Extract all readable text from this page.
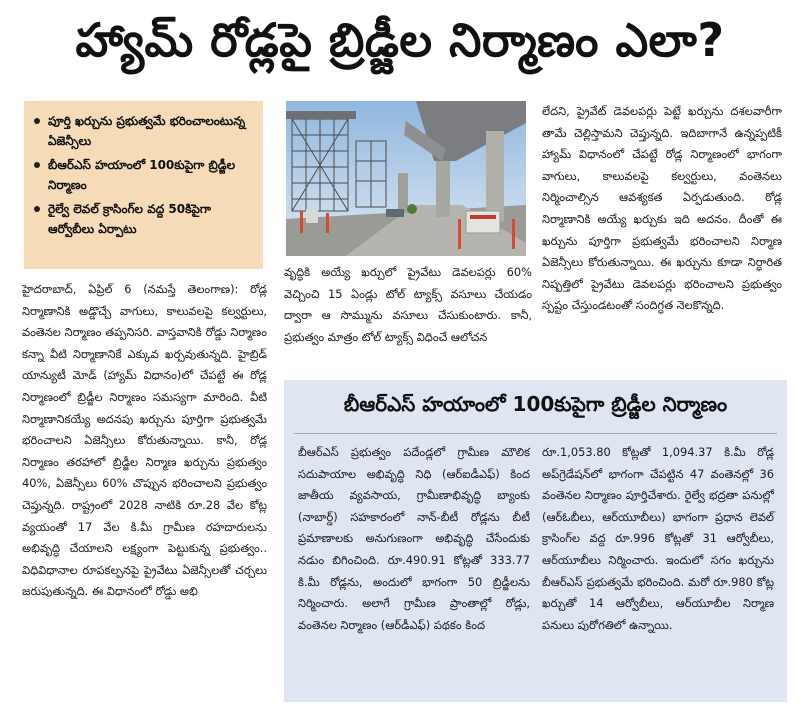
హ్యామ్ రోడ్లపై బ్రిడ్జీల నిర్మాణం ఎలా?
పూర్తి ఖర్చును ప్రభుత్వమే భరించాలంటున్న ఏజెన్సీలు
బీఆర్ఎస్ హయాంలో 100కుపైగా బ్రిడ్జీల నిర్మాణం
రైల్వే లెవల్ క్రాసింగ్‌ల వద్ద 50కిపైగా ఆర్వోబీలు ఏర్పాటు

హైదరాబాద్, ఏప్రిల్ 6 (నమస్తే తెలంగాణ): రోడ్ల నిర్మాణానికి అడ్డొచ్చే వాగులు, కాలువలపై కల్వర్టులు, వంతెనల నిర్మాణం తప్పనిసరి. వాస్తవానికి రోడ్డు నిర్మాణం కన్నా వీటి నిర్మాణానికే ఎక్కువ ఖర్చవుతున్నది. హైబ్రిడ్ యాన్యుటీ మోడ్ (హ్యామ్ విధానం)లో చేపట్టే ఈ రోడ్ల నిర్మాణంలో బ్రిడ్జీల నిర్మాణం సమస్యగా మారింది. వీటి నిర్మాణానికయ్యే అదనపు ఖర్చును పూర్తిగా ప్రభుత్వమే భరించాలని ఏజెన్సీలు కోరుతున్నాయి. కానీ, రోడ్ల నిర్మాణం తరహాలో బ్రిడ్జీల నిర్మాణ ఖర్చును ప్రభుత్వం 40%, ఏజెన్సీలు 60% చొప్పున భరించాలని ప్రభుత్వం చెప్తున్నది. రాష్ట్రంలో 2028 నాటికి రూ.28 వేల కోట్ల వ్యయంతో 17 వేల కి.మీ గ్రామీణ రహదారులను అభివృద్ధి చేయాలని లక్ష్యంగా పెట్టుకున్న ప్రభుత్వం.. విధివిధానాల రూపకల్పనపై ప్రైవేటు ఏజెన్సీలతో చర్చలు జరుపుతున్నది. ఈ విధానంలో రోడ్డు అభి

వృద్ధికి అయ్యే ఖర్చులో ప్రైవేటు డెవలపర్లు 60% వెచ్చించి 15 ఏండ్లు టోల్ ట్యాక్స్ వసూలు చేయడం ద్వారా ఆ సొమ్మును వసూలు చేసుకుంటారు. కానీ, ప్రభుత్వం మాత్రం టోల్ ట్యాక్స్ విధించే ఆలోచన

లేదని, ప్రైవేట్ డెవలపర్లు పెట్టే ఖర్చును దశలవారీగా తామే చెల్లిస్తామని చెప్తున్నది. ఇదిబాగానే ఉన్నప్పటికీ హ్యామ్ విధానంలో చేపట్టే రోడ్ల నిర్మాణంలో భాగంగా వాగులు, కాలువలపై కల్వర్టులు, వంతెనలు నిర్మించాల్సిన ఆవశ్యకత ఏర్పడుతుంది. రోడ్ల నిర్మాణానికి అయ్యే ఖర్చుకు ఇది అదనం. దీంతో ఈ ఖర్చును పూర్తిగా ప్రభుత్వమే భరించాలని నిర్మాణ ఏజెన్సీలు కోరుతున్నాయి. ఈ ఖర్చును కూడా నిర్ధారిత నిష్పత్తిలో ప్రైవేటు డెవలపర్లు భరించాలని ప్రభుత్వం స్పష్టం చేస్తుండటంతో సందిగ్ధత నెలకొన్నది.

బీఆర్ఎస్ హయాంలో 100కుపైగా బ్రిడ్జీల నిర్మాణం

బీఆర్ఎస్ ప్రభుత్వం పదేండ్లలో గ్రామీణ మౌలిక సదుపాయాల అభివృద్ధి నిధి (ఆర్ఐడీఎఫ్) కింద జాతీయ వ్యవసాయ, గ్రామీణాభివృద్ధి బ్యాంకు (నాబార్డ్) సహకారంలో నాన్-బీటీ రోడ్లను బీటీ ప్రమాణాలకు అనుగుణంగా అభివృద్ధి చేసేందుకు నడుం బిగించింది. రూ.490.91 కోట్లతో 333.77 కి.మీ రోడ్లను, అందులో భాగంగా 50 బ్రిడ్జీలను నిర్మించారు. అలాగే గ్రామీణ ప్రాంతాల్లో రోడ్లు, వంతెనల నిర్మాణం (ఆర్‌డీఎఫ్) పథకం కింద

రూ.1,053.80 కోట్లతో 1,094.37 కి.మీ రోడ్ల అప్‌గ్రెడేషన్‌లో భాగంగా చేపట్టిన 47 వంతెనల్లో 36 వంతెనల నిర్మాణం పూర్తిచేశారు. రైల్వే భద్రతా పనుల్లో (ఆర్‌ఓబీలు, ఆర్‌యూబీలు) భాగంగా ప్రధాన లెవల్ క్రాసింగ్‌ల వద్ద రూ.996 కోట్లతో 31 ఆర్వోబీలు, ఆర్‌యూబీలు నిర్మించారు. ఇందులో సగం ఖర్చును బీఆర్ఎస్ ప్రభుత్వమే భరించింది. మరో రూ.980 కోట్ల ఖర్చుతో 14 ఆర్వోబీలు, ఆర్‌యూబీల నిర్మాణ పనులు పురోగతిలో ఉన్నాయి.
